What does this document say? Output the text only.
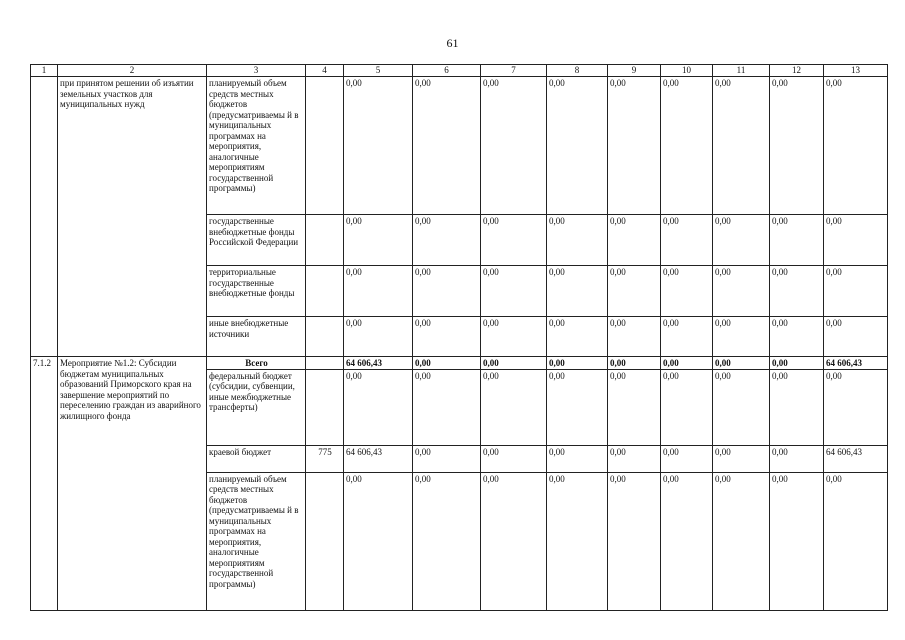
61
1	2	3	4	5	6	7	8	9	10	11	12	13
	при принятом решении об изъятии земельных участков для муниципальных нужд	планируемый объем средств местных бюджетов (предусматриваемы й в муниципальных программах на мероприятия, аналогичные мероприятиям государственной программы)		0,00	0,00	0,00	0,00	0,00	0,00	0,00	0,00	0,00
		государственные внебюджетные фонды Российской Федерации		0,00	0,00	0,00	0,00	0,00	0,00	0,00	0,00	0,00
		территориальные государственные внебюджетные фонды		0,00	0,00	0,00	0,00	0,00	0,00	0,00	0,00	0,00
		иные внебюджетные источники		0,00	0,00	0,00	0,00	0,00	0,00	0,00	0,00	0,00
7.1.2	Мероприятие №1.2: Субсидии бюджетам муниципальных образований Приморского края на завершение мероприятий по переселению граждан из аварийного жилищного фонда	Всего		64 606,43	0,00	0,00	0,00	0,00	0,00	0,00	0,00	64 606,43
		федеральный бюджет (субсидии, субвенции, иные межбюджетные трансферты)		0,00	0,00	0,00	0,00	0,00	0,00	0,00	0,00	0,00
		краевой бюджет	775	64 606,43	0,00	0,00	0,00	0,00	0,00	0,00	0,00	64 606,43
		планируемый объем средств местных бюджетов (предусматриваемы й в муниципальных программах на мероприятия, аналогичные мероприятиям государственной программы)		0,00	0,00	0,00	0,00	0,00	0,00	0,00	0,00	0,00
